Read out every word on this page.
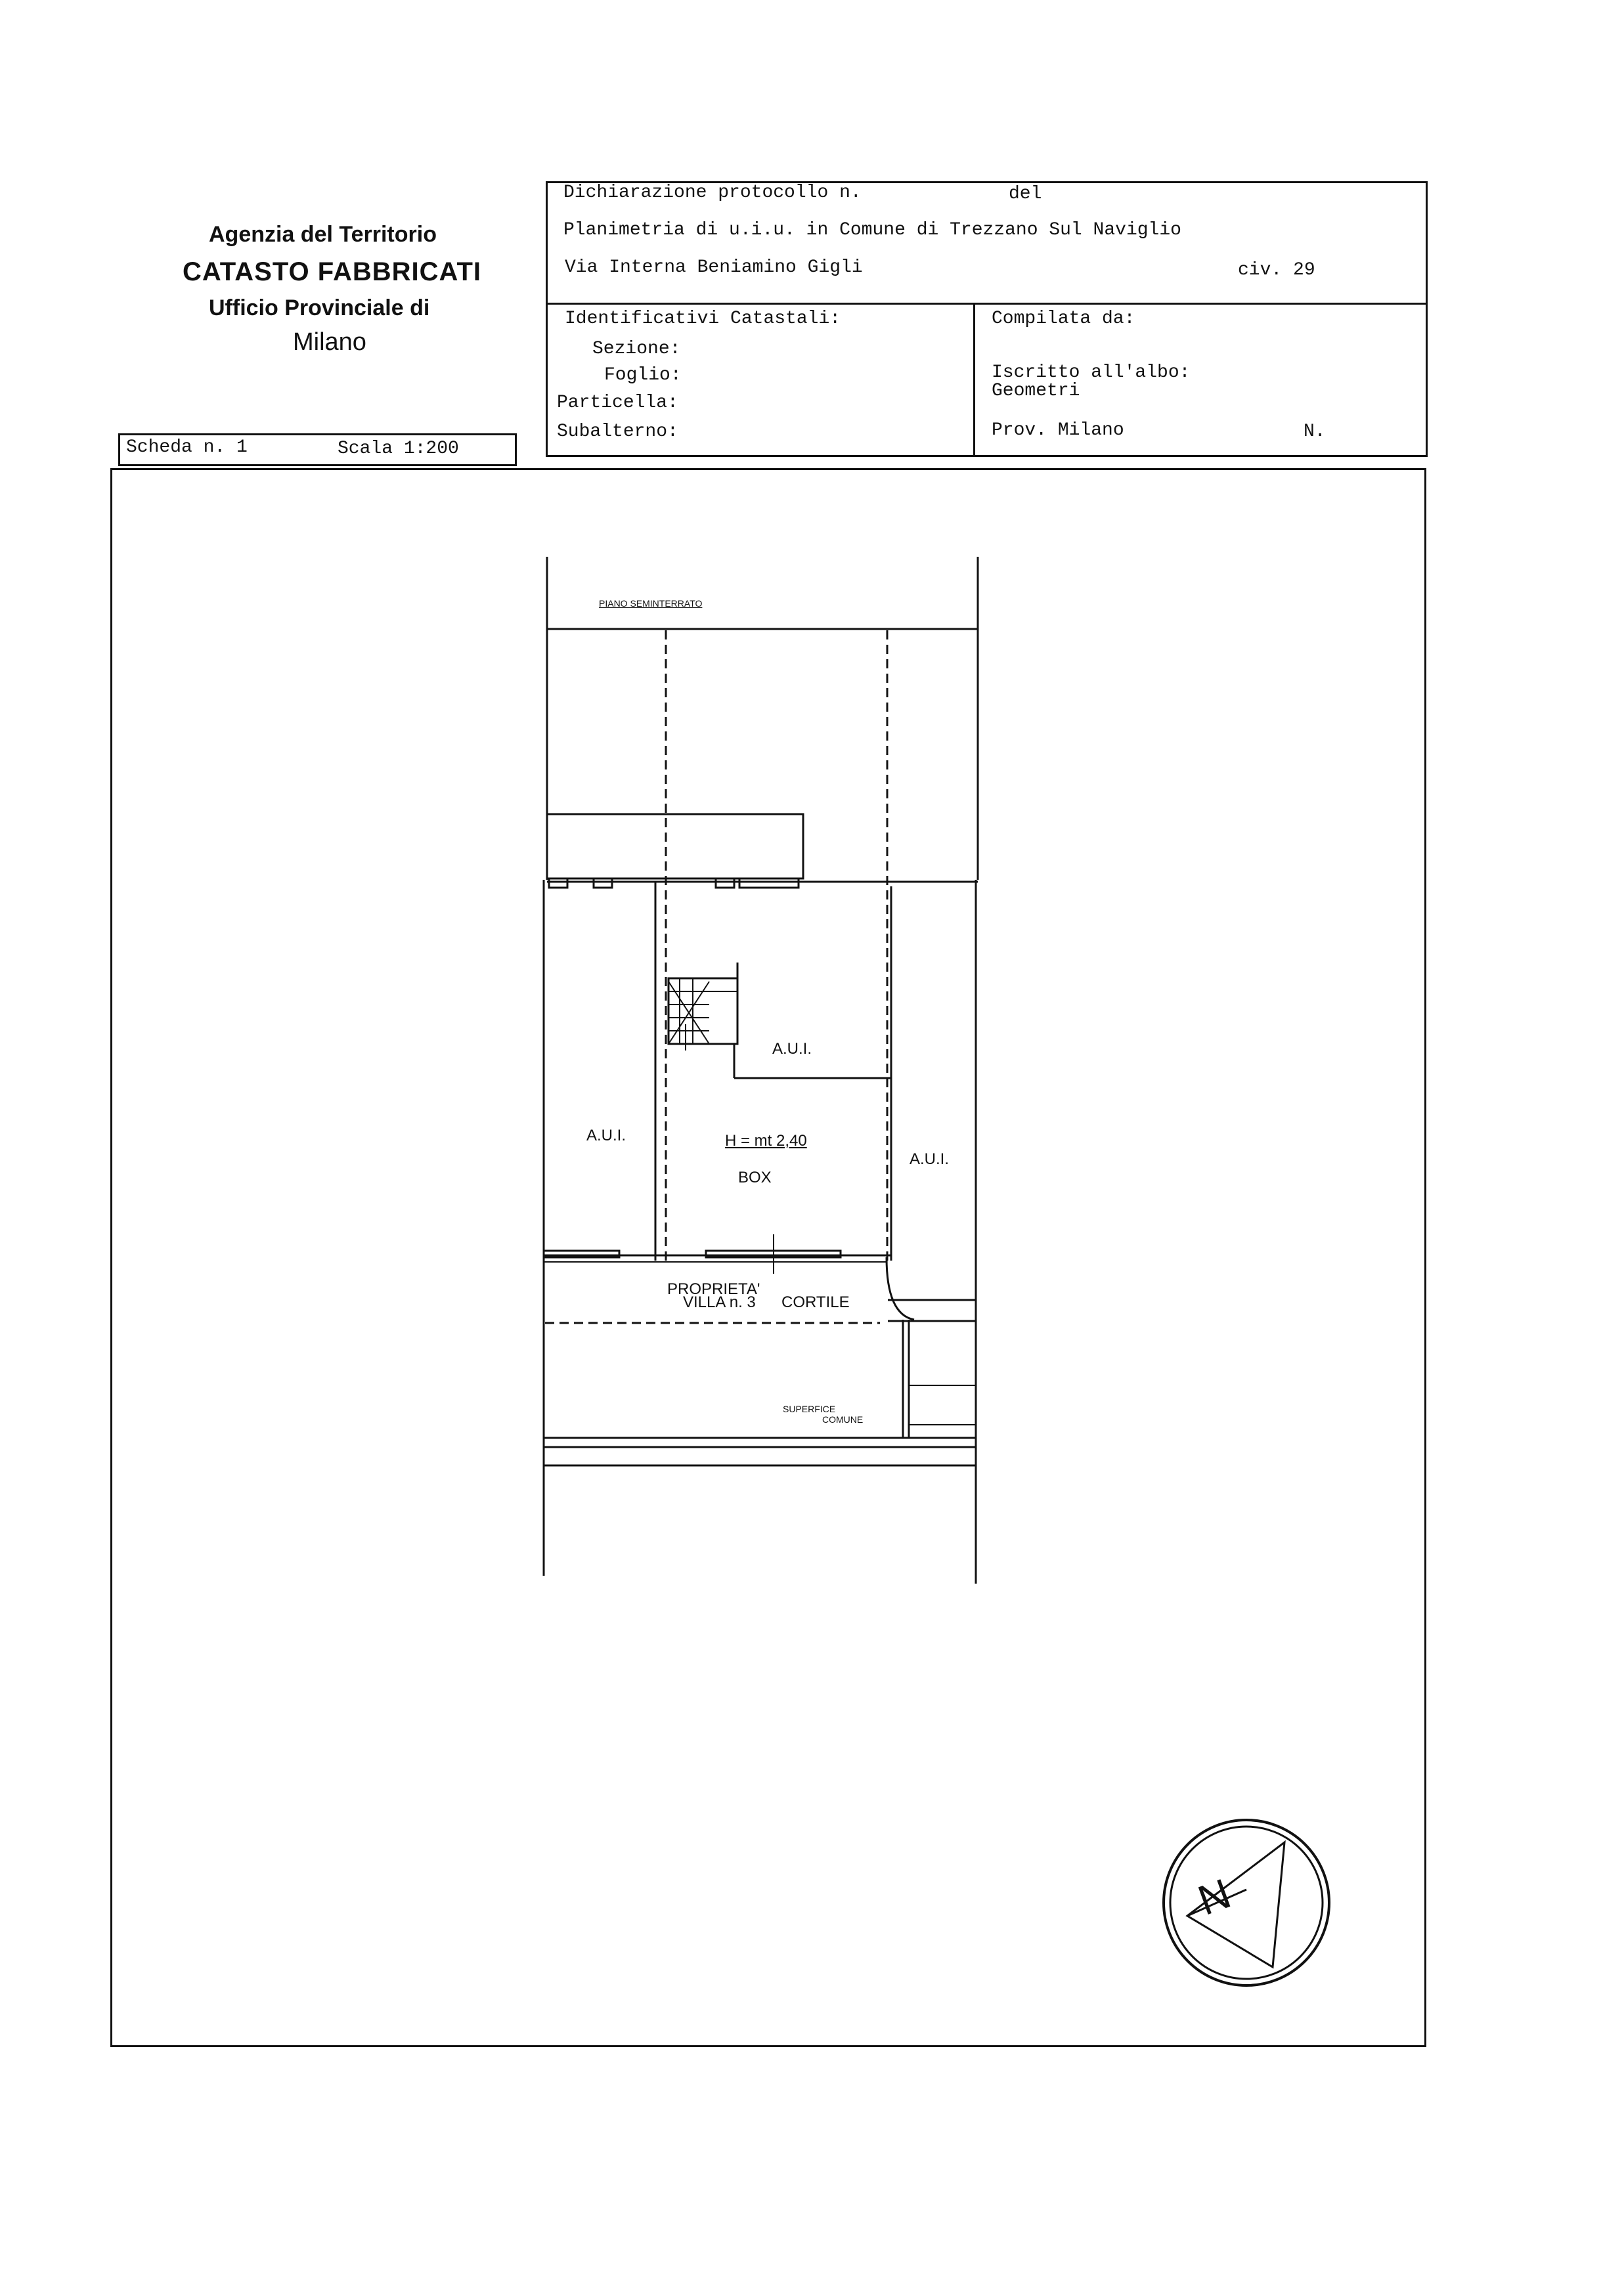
Agenzia del Territorio
CATASTO FABBRICATI
Ufficio Provinciale di
Milano
Dichiarazione protocollo n.	del
Planimetria di u.i.u. in Comune di Trezzano Sul Naviglio
Via Interna Beniamino Gigli	civ. 29
Identificativi Catastali:
Sezione:
Foglio:
Particella:
Subalterno:
Compilata da:
Iscritto all'albo:
Geometri
Prov. Milano	N.
Scheda n. 1	Scala 1:200
PIANO SEMINTERRATO
A.U.I.
A.U.I.
A.U.I.
H = mt 2,40
BOX
PROPRIETA'
VILLA n. 3 CORTILE
SUPERFICE
COMUNE
N
